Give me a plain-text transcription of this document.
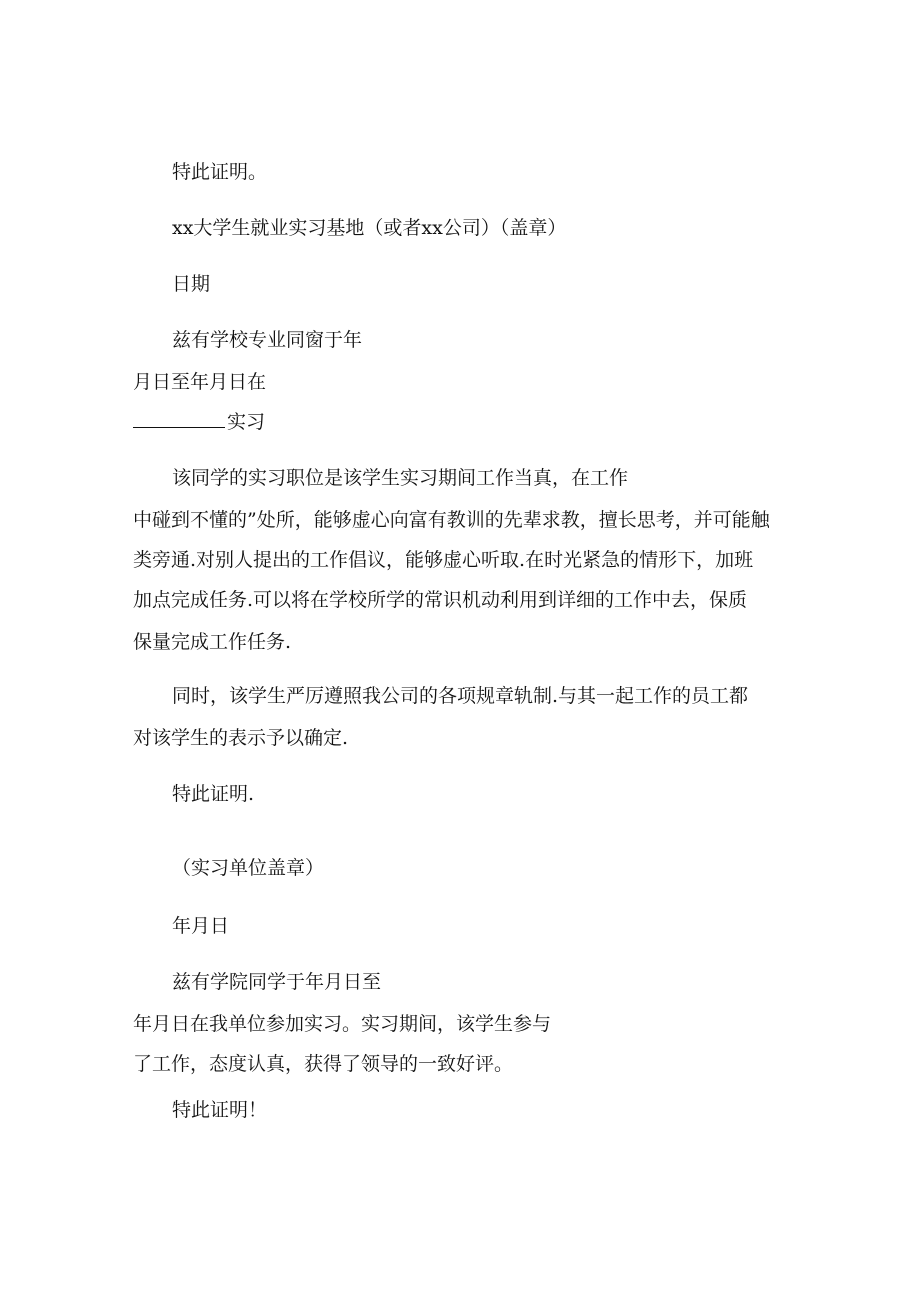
特此证明。
xx大学生就业实习基地（或者xx公司）（盖章）
日期
兹有学校专业同窗于年
月日至年月日在
实习
该同学的实习职位是该学生实习期间工作当真，在工作
中碰到不懂的”处所，能够虚心向富有教训的先辈求教，擅长思考，并可能触
类旁通.对别人提出的工作倡议，能够虚心听取.在时光紧急的情形下，加班
加点完成任务.可以将在学校所学的常识机动利用到详细的工作中去，保质
保量完成工作任务.
同时，该学生严厉遵照我公司的各项规章轨制.与其一起工作的员工都
对该学生的表示予以确定.
特此证明.
（实习单位盖章）
年月日
兹有学院同学于年月日至
年月日在我单位参加实习。实习期间，该学生参与
了工作，态度认真，获得了领导的一致好评。
特此证明！
